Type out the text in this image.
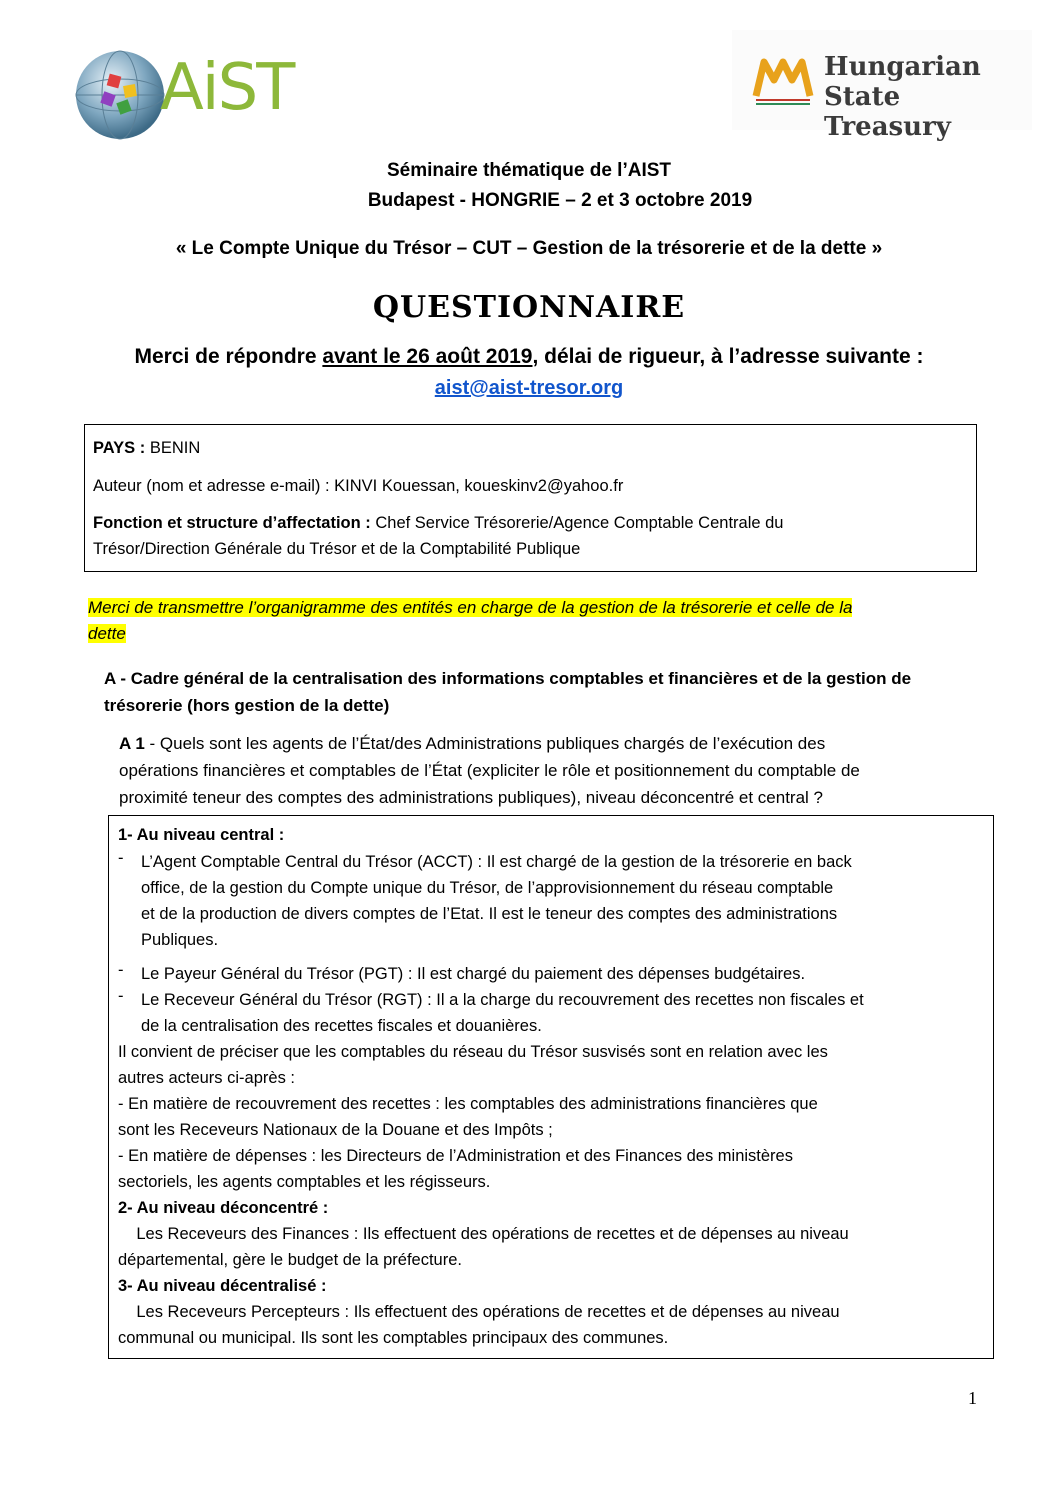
AiST	Hungarian
State Treasury
Séminaire thématique de l’AIST
Budapest - HONGRIE – 2 et 3 octobre 2019
« Le Compte Unique du Trésor – CUT – Gestion de la trésorerie et de la dette »
QUESTIONNAIRE
Merci de répondre avant le 26 août 2019, délai de rigueur, à l’adresse suivante :
aist@aist-tresor.org

PAYS : BENIN

Auteur (nom et adresse e-mail) : KINVI Kouessan, koueskinv2@yahoo.fr

Fonction et structure d’affectation : Chef Service Trésorerie/Agence Comptable Centrale du

Trésor/Direction Générale du Trésor et de la Comptabilité Publique

Merci de transmettre l’organigramme des entités en charge de la gestion de la trésorerie et celle de la
dette
A - Cadre général de la centralisation des informations comptables et financières et de la gestion de
trésorerie (hors gestion de la dette)
A 1 - Quels sont les agents de l’État/des Administrations publiques chargés de l’exécution des
opérations financières et comptables de l’État (expliciter le rôle et positionnement du comptable de
proximité teneur des comptes des administrations publiques), niveau déconcentré et central ?
1- Au niveau central :
- L’Agent Comptable Central du Trésor (ACCT) : Il est chargé de la gestion de la trésorerie en back
office, de la gestion du Compte unique du Trésor, de l’approvisionnement du réseau comptable
et de la production de divers comptes de l’Etat. Il est le teneur des comptes des administrations
Publiques.
- Le Payeur Général du Trésor (PGT) : Il est chargé du paiement des dépenses budgétaires.
- Le Receveur Général du Trésor (RGT) : Il a la charge du recouvrement des recettes non fiscales et
de la centralisation des recettes fiscales et douanières.
Il convient de préciser que les comptables du réseau du Trésor susvisés sont en relation avec les
autres acteurs ci-après :
- En matière de recouvrement des recettes : les comptables des administrations financières que
sont les Receveurs Nationaux de la Douane et des Impôts ;
- En matière de dépenses : les Directeurs de l’Administration et des Finances des ministères
sectoriels, les agents comptables et les régisseurs.
2- Au niveau déconcentré :
Les Receveurs des Finances : Ils effectuent des opérations de recettes et de dépenses au niveau
départemental, gère le budget de la préfecture.
3- Au niveau décentralisé :
Les Receveurs Percepteurs : Ils effectuent des opérations de recettes et de dépenses au niveau
communal ou municipal. Ils sont les comptables principaux des communes.
1
